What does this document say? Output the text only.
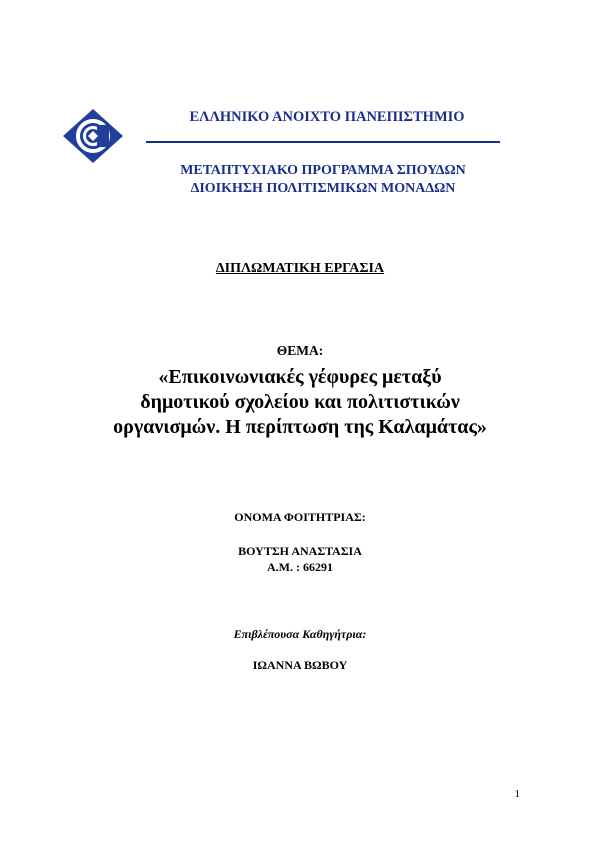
ΕΛΛΗΝΙΚΟ ΑΝΟΙΧΤΟ ΠΑΝΕΠΙΣΤΗΜΙΟ
ΜΕΤΑΠΤΥΧΙΑΚΟ ΠΡΟΓΡΑΜΜΑ ΣΠΟΥΔΩΝ
ΔΙΟΙΚΗΣΗ ΠΟΛΙΤΙΣΜΙΚΩΝ ΜΟΝΑΔΩΝ
ΔΙΠΛΩΜΑΤΙΚΗ ΕΡΓΑΣΙΑ
ΘΕΜΑ:
«Επικοινωνιακές γέφυρες μεταξύ
δημοτικού σχολείου και πολιτιστικών
οργανισμών. Η περίπτωση της Καλαμάτας»
ΟΝΟΜΑ ΦΟΙΤΗΤΡΙΑΣ:
ΒΟΥΤΣΗ ΑΝΑΣΤΑΣΙΑ
Α.Μ. : 66291
Επιβλέπουσα Καθηγήτρια:
ΙΩΑΝΝΑ ΒΩΒΟΥ
1
